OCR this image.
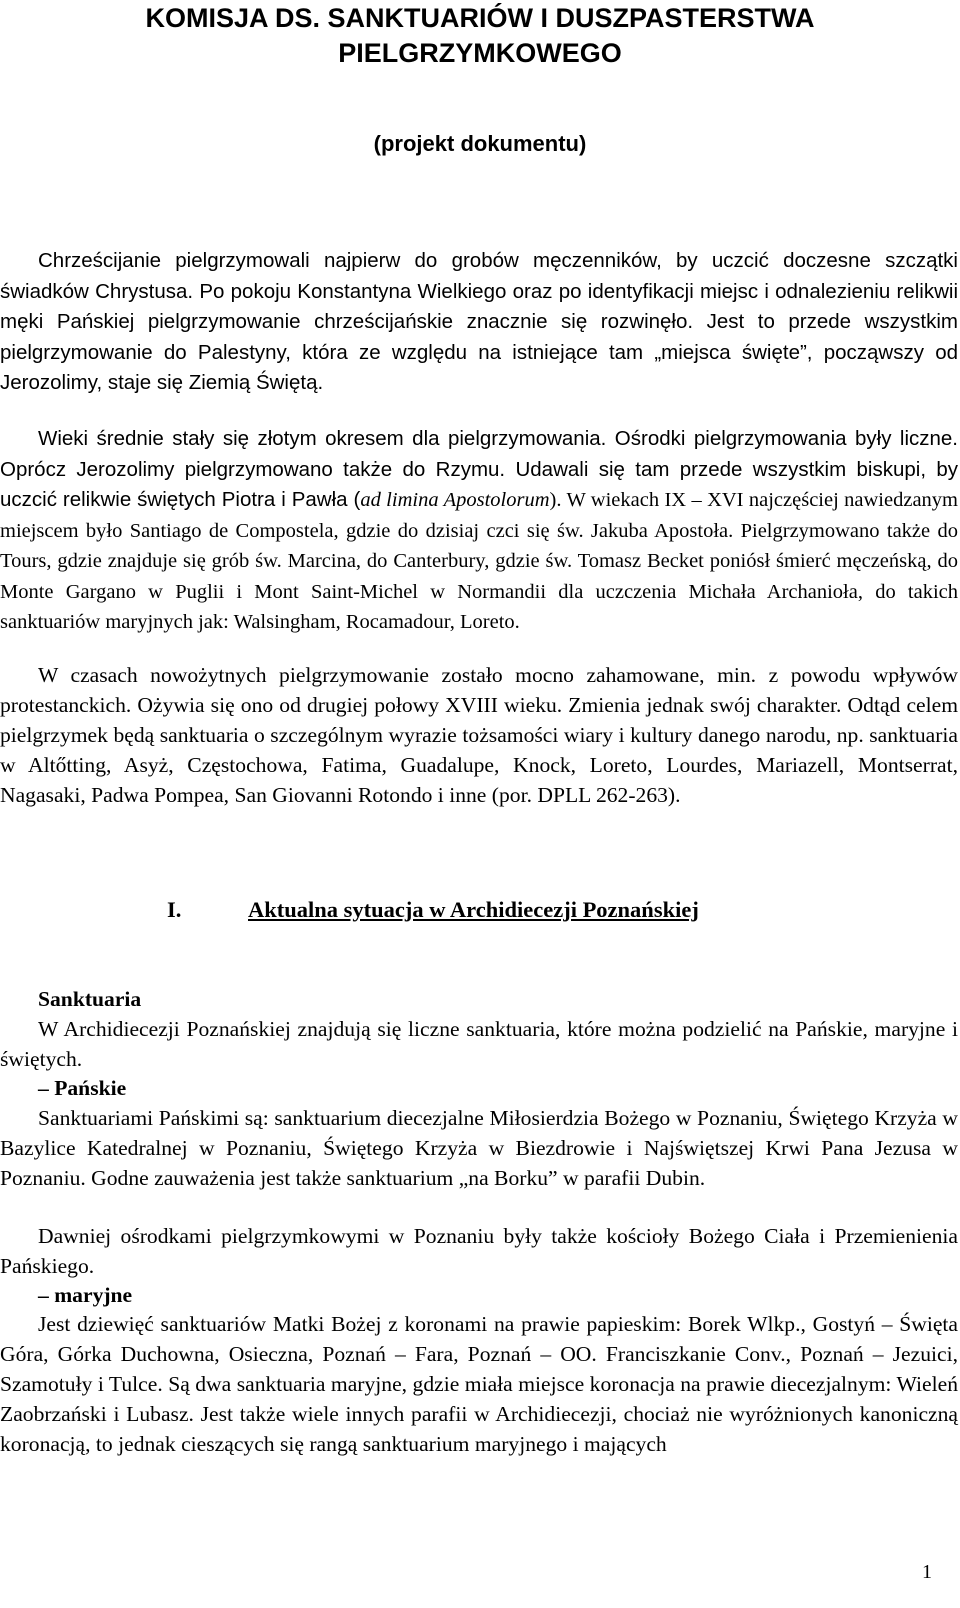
KOMISJA DS. SANKTUARIÓW I DUSZPASTERSTWA
PIELGRZYMKOWEGO
(projekt dokumentu)

Chrześcijanie pielgrzymowali najpierw do grobów męczenników, by uczcić doczesne szczątki świadków Chrystusa. Po pokoju Konstantyna Wielkiego oraz po identyfikacji miejsc i odnalezieniu relikwii męki Pańskiej pielgrzymowanie chrześcijańskie znacznie się rozwinęło. Jest to przede wszystkim pielgrzymowanie do Palestyny, która ze względu na istniejące tam „miejsca święte”, począwszy od Jerozolimy, staje się Ziemią Świętą.

Wieki średnie stały się złotym okresem dla pielgrzymowania. Ośrodki pielgrzymowania były liczne. Oprócz Jerozolimy pielgrzymowano także do Rzymu. Udawali się tam przede wszystkim biskupi, by uczcić relikwie świętych Piotra i Pawła (ad limina Apostolorum). W wiekach IX – XVI najczęściej nawiedzanym miejscem było Santiago de Compostela, gdzie do dzisiaj czci się św. Jakuba Apostoła. Pielgrzymowano także do Tours, gdzie znajduje się grób św. Marcina, do Canterbury, gdzie św. Tomasz Becket poniósł śmierć męczeńską, do Monte Gargano w Puglii i Mont Saint-Michel w Normandii dla uczczenia Michała Archanioła, do takich sanktuariów maryjnych jak: Walsingham, Rocamadour, Loreto.

W czasach nowożytnych pielgrzymowanie zostało mocno zahamowane, min. z powodu wpływów protestanckich. Ożywia się ono od drugiej połowy XVIII wieku. Zmienia jednak swój charakter. Odtąd celem pielgrzymek będą sanktuaria o szczególnym wyrazie tożsamości wiary i kultury danego narodu, np. sanktuaria w Altőtting, Asyż, Częstochowa, Fatima, Guadalupe, Knock, Loreto, Lourdes, Mariazell, Montserrat, Nagasaki, Padwa Pompea, San Giovanni Rotondo i inne (por. DPLL 262-263).

I.	Aktualna sytuacja w Archidiecezji Poznańskiej
Sanktuaria

W Archidiecezji Poznańskiej znajdują się liczne sanktuaria, które można podzielić na Pańskie, maryjne i świętych.

– Pańskie

Sanktuariami Pańskimi są: sanktuarium diecezjalne Miłosierdzia Bożego w Poznaniu, Świętego Krzyża w Bazylice Katedralnej w Poznaniu, Świętego Krzyża w Biezdrowie i Najświętszej Krwi Pana Jezusa w Poznaniu. Godne zauważenia jest także sanktuarium „na Borku” w parafii Dubin.

Dawniej ośrodkami pielgrzymkowymi w Poznaniu były także kościoły Bożego Ciała i Przemienienia Pańskiego.

– maryjne

Jest dziewięć sanktuariów Matki Bożej z koronami na prawie papieskim: Borek Wlkp., Gostyń – Święta Góra, Górka Duchowna, Osieczna, Poznań – Fara, Poznań – OO. Franciszkanie Conv., Poznań – Jezuici, Szamotuły i Tulce. Są dwa sanktuaria maryjne, gdzie miała miejsce koronacja na prawie diecezjalnym: Wieleń Zaobrzański i Lubasz. Jest także wiele innych parafii w Archidiecezji, chociaż nie wyróżnionych kanoniczną koronacją, to jednak cieszących się rangą sanktuarium maryjnego i mających

1
